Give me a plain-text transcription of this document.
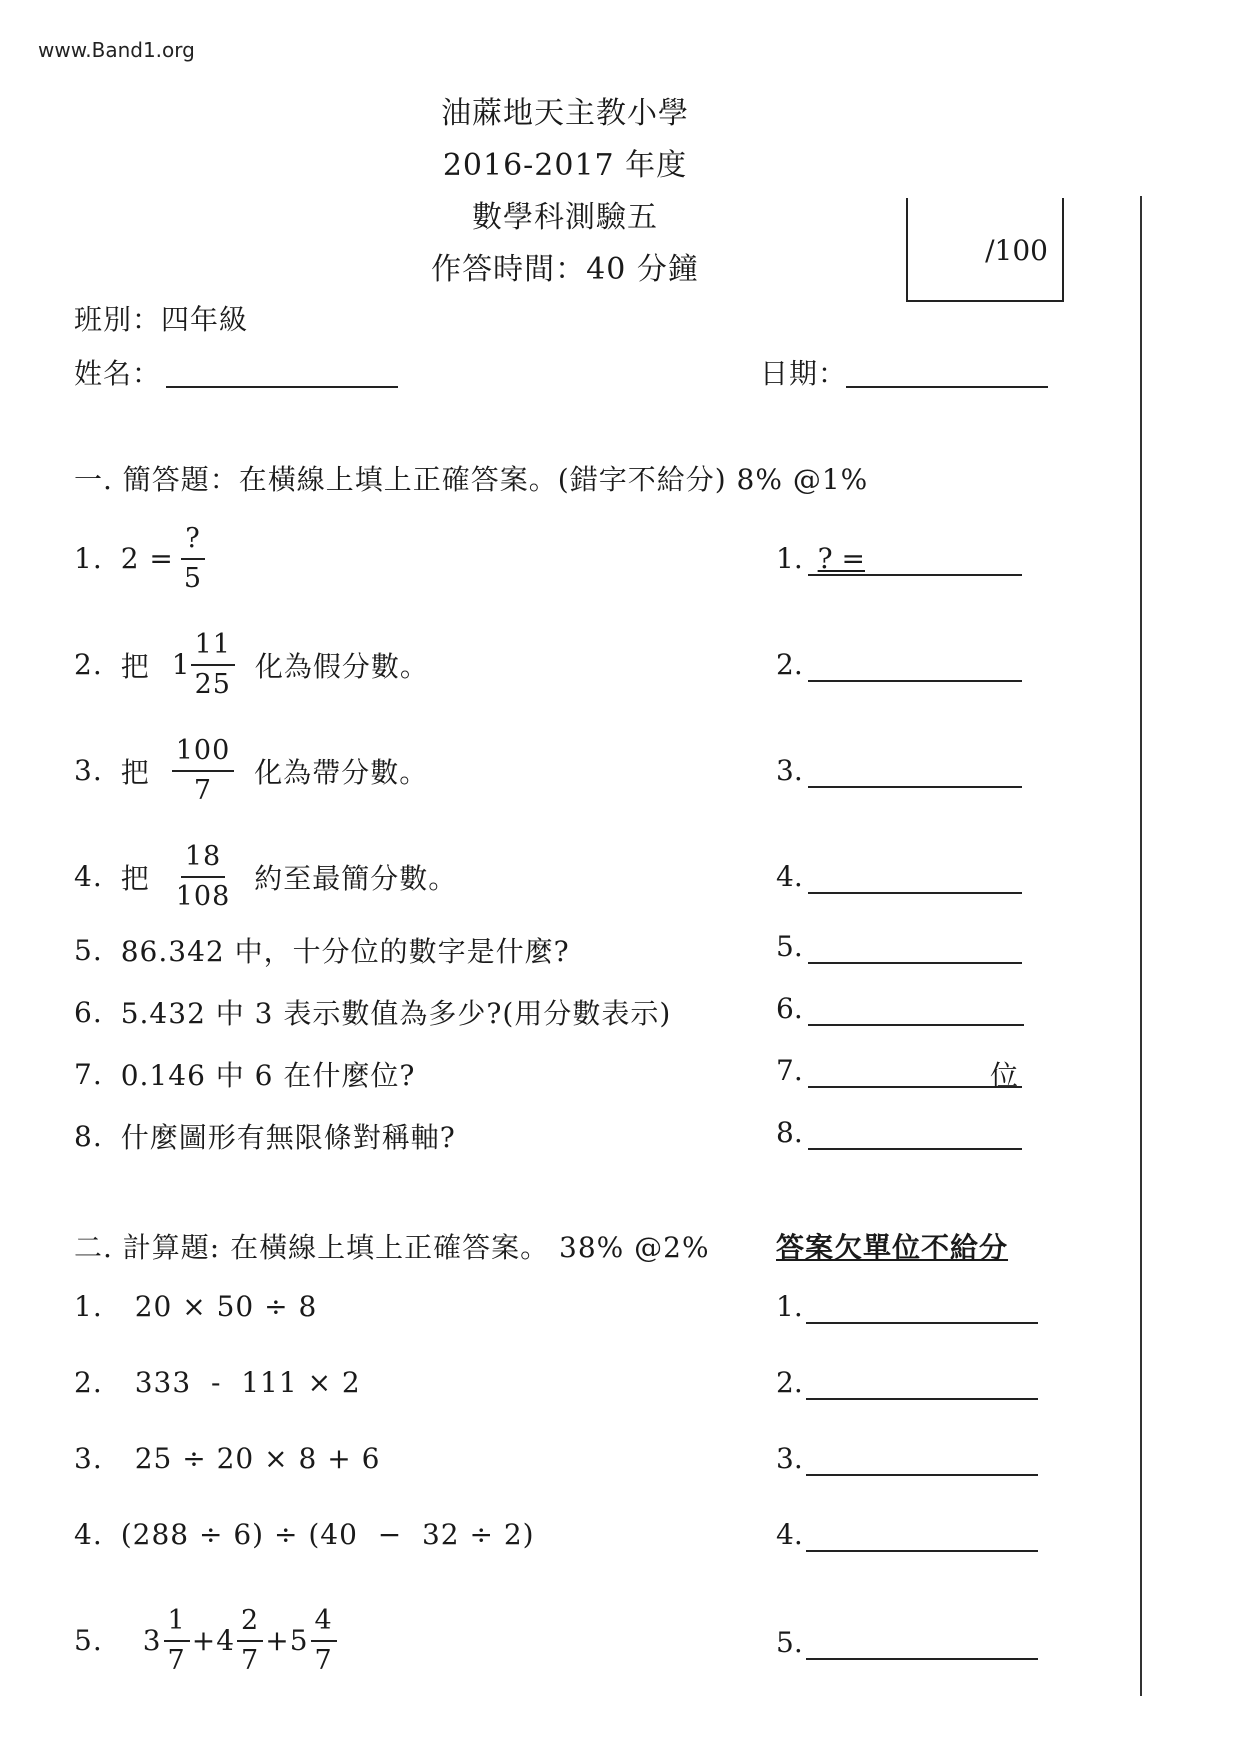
www.Band1.org
油蔴地天主教小學
2016-2017 年度
數學科測驗五
作答時間：40 分鐘
/100
班別：四年級
姓名：	日期：
一. 簡答題：在橫線上填上正確答案。(錯字不給分) 8% @1%
1. $2 = \frac{?}{5}$	1. ? =
2. 把 $1 \frac{11}{25}$ 化為假分數。	2.
3. 把 $\frac{100}{7}$ 化為帶分數。	3.
4. 把 $\frac{18}{108}$ 約至最簡分數。	4.
5. 86.342 中，十分位的數字是什麼?	5.
6. 5.432 中 3 表示數值為多少?(用分數表示)	6.
7. 0.146 中 6 在什麼位?	7.	位
8. 什麼圖形有無限條對稱軸?	8.
二. 計算題: 在橫線上填上正確答案。 38% @2% 答案欠單位不給分
1. 20 × 50 ÷ 8	1.
2. 333  -  111 × 2	2.
3. 25 ÷ 20 × 8 + 6	3.
4. (288 ÷ 6) ÷ (40  −  32 ÷ 2)	4.
5. $3 \frac{1}{7} + 4 \frac{2}{7} + 5 \frac{4}{7}$	5.
